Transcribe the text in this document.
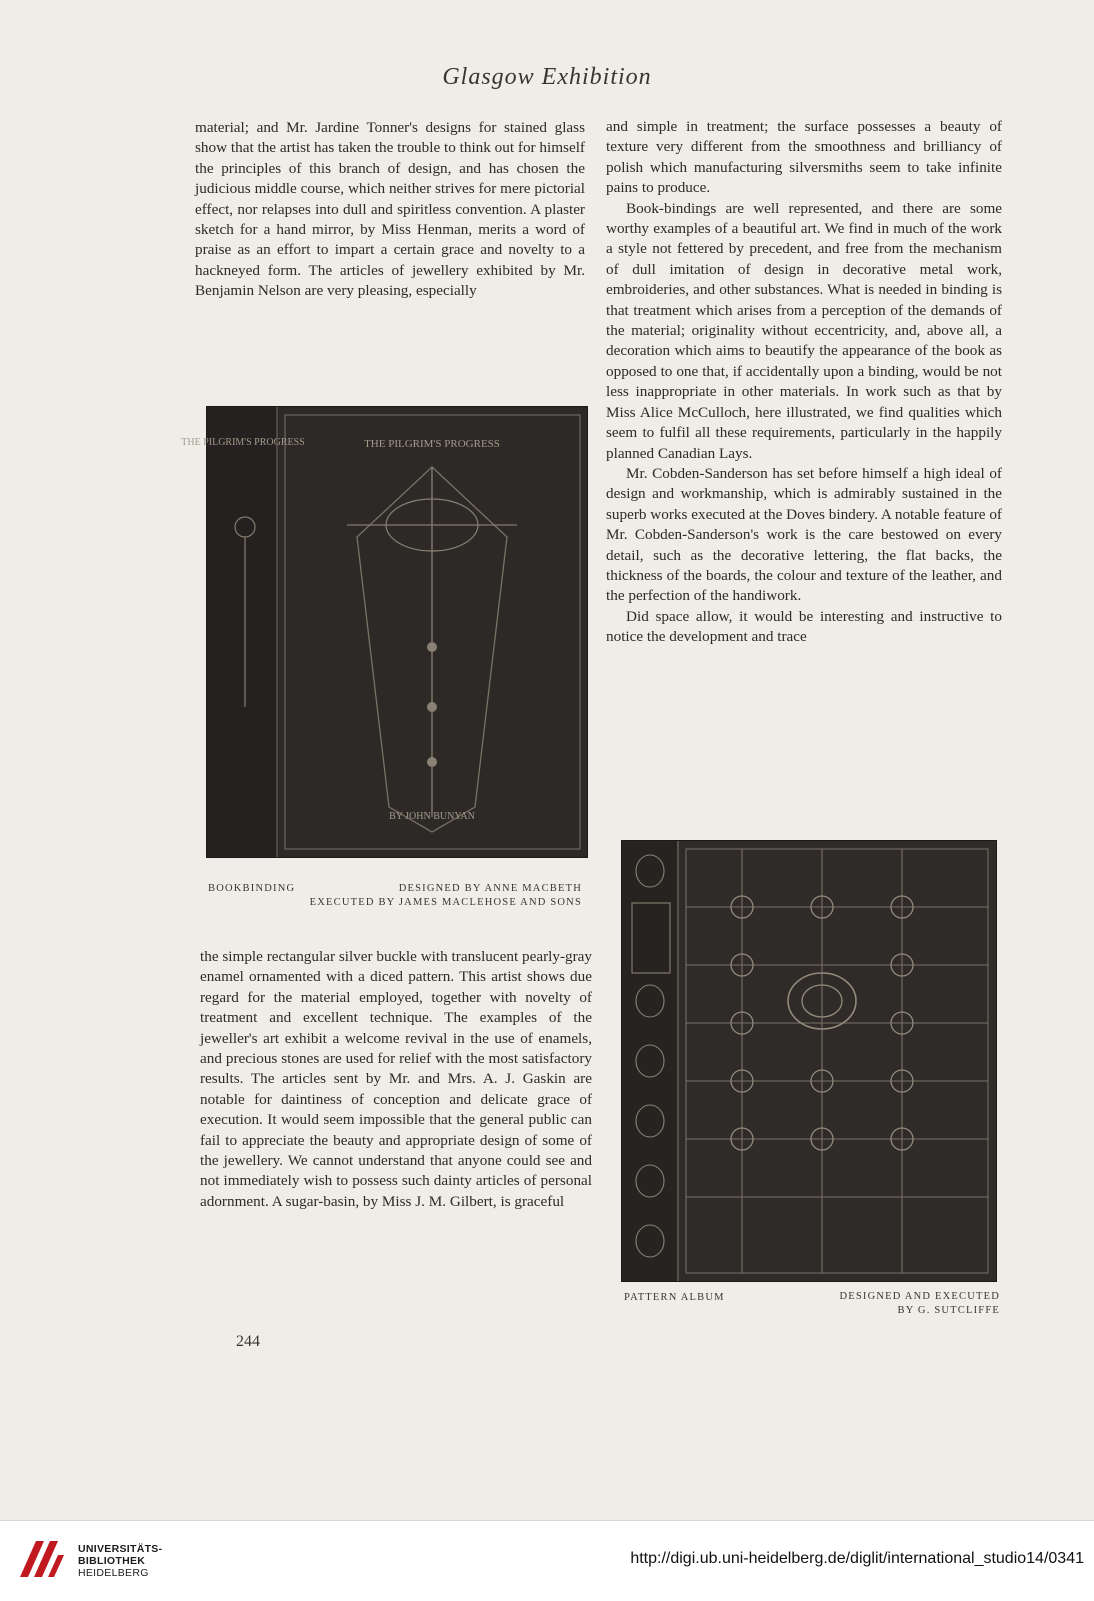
Glasgow Exhibition

material; and Mr. Jardine Tonner's designs for stained glass show that the artist has taken the trouble to think out for himself the principles of this branch of design, and has chosen the judicious middle course, which neither strives for mere pictorial effect, nor relapses into dull and spiritless convention. A plaster sketch for a hand mirror, by Miss Henman, merits a word of praise as an effort to impart a certain grace and novelty to a hackneyed form. The articles of jewellery exhibited by Mr. Benjamin Nelson are very pleasing, especially

THE PILGRIM'S PROGRESS	THE PILGRIM'S PROGRESS
BY JOHN BUNYAN
BOOKBINDING	DESIGNED BY ANNE MACBETH
EXECUTED BY JAMES MACLEHOSE AND SONS

the simple rectangular silver buckle with translucent pearly-gray enamel ornamented with a diced pattern. This artist shows due regard for the material employed, together with novelty of treatment and excellent technique. The examples of the jeweller's art exhibit a welcome revival in the use of enamels, and precious stones are used for relief with the most satisfactory results. The articles sent by Mr. and Mrs. A. J. Gaskin are notable for daintiness of conception and delicate grace of execution. It would seem impossible that the general public can fail to appreciate the beauty and appropriate design of some of the jewellery. We cannot understand that anyone could see and not immediately wish to possess such dainty articles of personal adornment. A sugar-basin, by Miss J. M. Gilbert, is graceful

and simple in treatment; the surface possesses a beauty of texture very different from the smoothness and brilliancy of polish which manufacturing silversmiths seem to take infinite pains to produce.

Book-bindings are well represented, and there are some worthy examples of a beautiful art. We find in much of the work a style not fettered by precedent, and free from the mechanism of dull imitation of design in decorative metal work, embroideries, and other substances. What is needed in binding is that treatment which arises from a perception of the demands of the material; originality without eccentricity, and, above all, a decoration which aims to beautify the appearance of the book as opposed to one that, if accidentally upon a binding, would be not less inappropriate in other materials. In work such as that by Miss Alice McCulloch, here illustrated, we find qualities which seem to fulfil all these requirements, particularly in the happily planned Canadian Lays.

Mr. Cobden-Sanderson has set before himself a high ideal of design and workmanship, which is admirably sustained in the superb works executed at the Doves bindery. A notable feature of Mr. Cobden-Sanderson's work is the care bestowed on every detail, such as the decorative lettering, the flat backs, the thickness of the boards, the colour and texture of the leather, and the perfection of the handiwork.

Did space allow, it would be interesting and instructive to notice the development and trace

PATTERN ALBUM	DESIGNED AND EXECUTED
BY G. SUTCLIFFE
244
UNIVERSITÄTS-
BIBLIOTHEK
HEIDELBERG
http://digi.ub.uni-heidelberg.de/diglit/international_studio14/0341
